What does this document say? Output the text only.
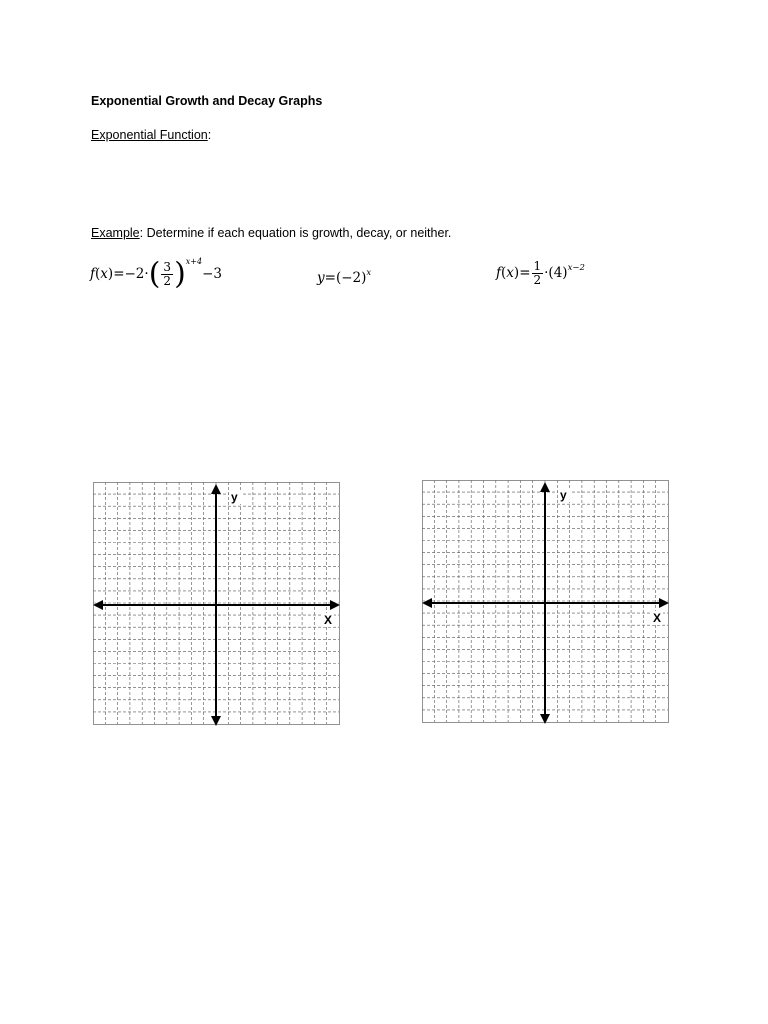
Exponential Growth and Decay Graphs
Exponential Function:
Example: Determine if each equation is growth, decay, or neither.
$f(x)=-2\cdot( \frac{3}{2} )^{x+4}-3$	$y=(-2)^x$	$f(x)= \frac{1}{2} \cdot(4)^{x-2}$
y
X
y
X
